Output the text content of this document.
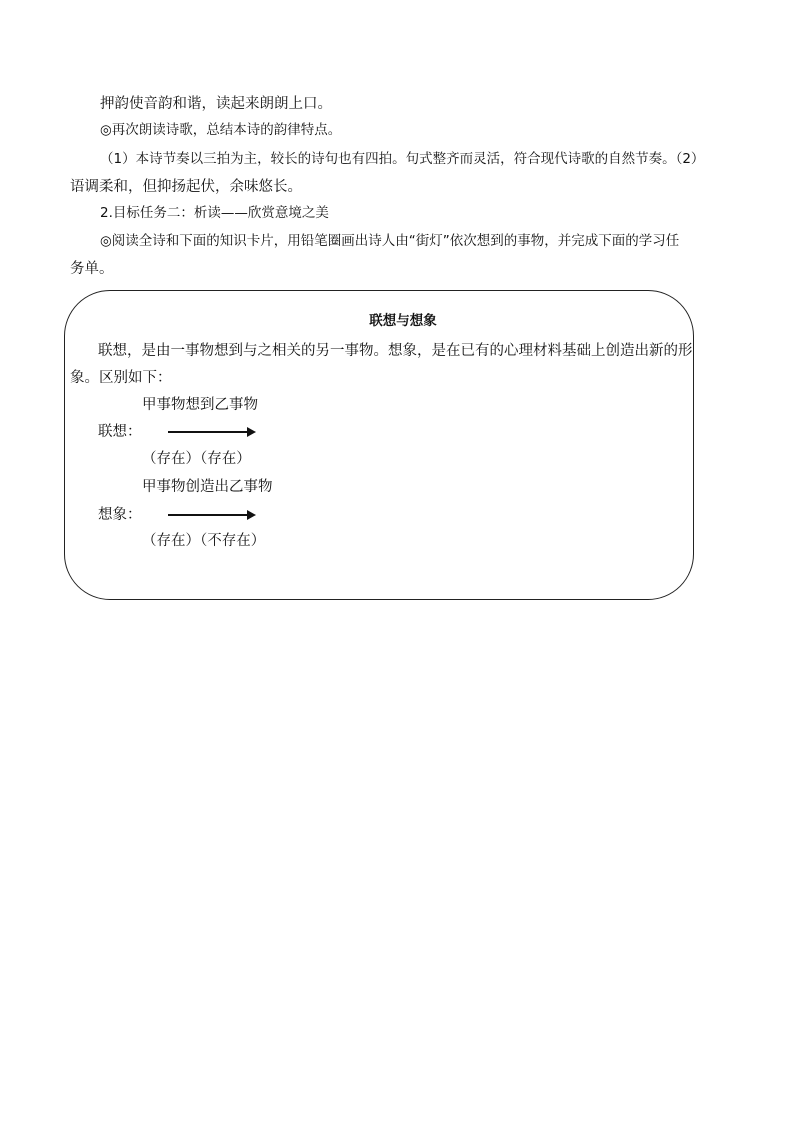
押韵使音韵和谐，读起来朗朗上口。
◎再次朗读诗歌，总结本诗的韵律特点。
（1）本诗节奏以三拍为主，较长的诗句也有四拍。句式整齐而灵活，符合现代诗歌的自然节奏。（2）
语调柔和，但抑扬起伏，余味悠长。
2.目标任务二：析读——欣赏意境之美
◎阅读全诗和下面的知识卡片，用铅笔圈画出诗人由“街灯”依次想到的事物，并完成下面的学习任
务单。
联想与想象
联想，是由一事物想到与之相关的另一事物。想象，是在已有的心理材料基础上创造出新的形
象。区别如下：
甲事物想到乙事物
联想：
（存在）（存在）
甲事物创造出乙事物
想象：
（存在）（不存在）
